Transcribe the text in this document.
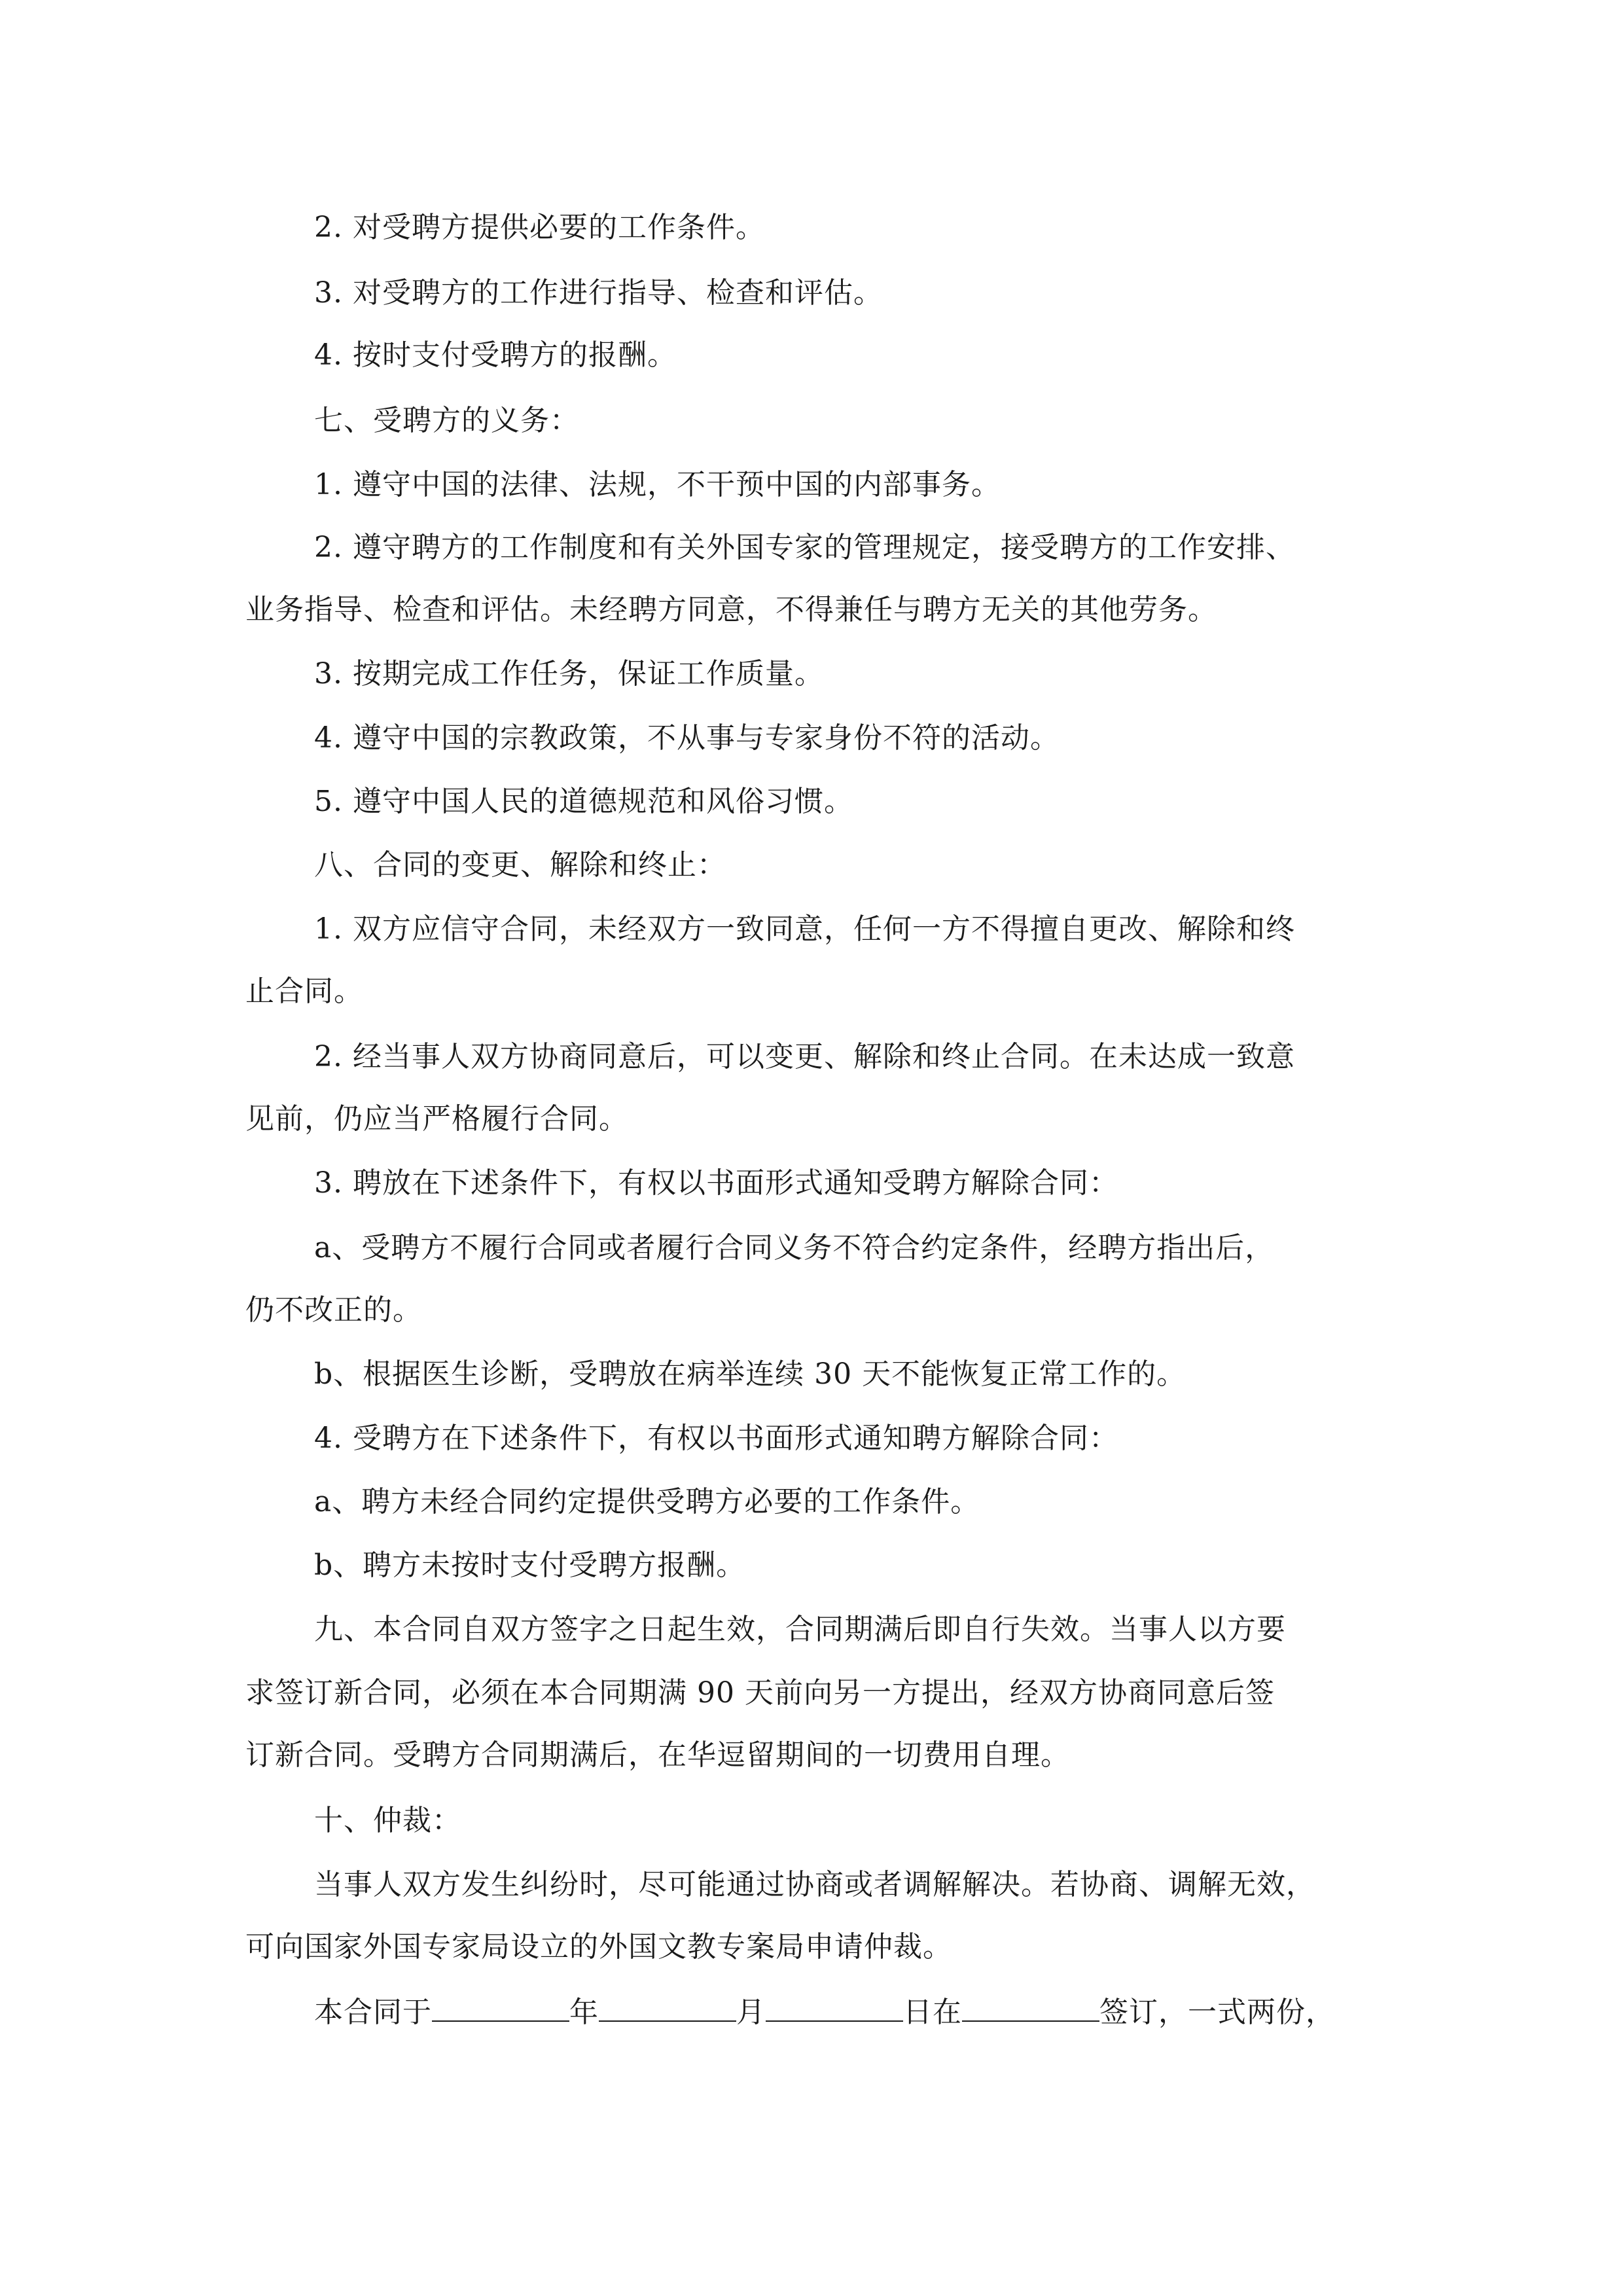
2. 对受聘方提供必要的工作条件。
3. 对受聘方的工作进行指导、检查和评估。
4. 按时支付受聘方的报酬。
七、受聘方的义务：
1. 遵守中国的法律、法规，不干预中国的内部事务。
2. 遵守聘方的工作制度和有关外国专家的管理规定，接受聘方的工作安排、
业务指导、检查和评估。未经聘方同意，不得兼任与聘方无关的其他劳务。
3. 按期完成工作任务，保证工作质量。
4. 遵守中国的宗教政策，不从事与专家身份不符的活动。
5. 遵守中国人民的道德规范和风俗习惯。
八、合同的变更、解除和终止：
1. 双方应信守合同，未经双方一致同意，任何一方不得擅自更改、解除和终
止合同。
2. 经当事人双方协商同意后，可以变更、解除和终止合同。在未达成一致意
见前，仍应当严格履行合同。
3. 聘放在下述条件下，有权以书面形式通知受聘方解除合同：
a、受聘方不履行合同或者履行合同义务不符合约定条件，经聘方指出后，
仍不改正的。
b、根据医生诊断，受聘放在病举连续 30 天不能恢复正常工作的。
4. 受聘方在下述条件下，有权以书面形式通知聘方解除合同：
a、聘方未经合同约定提供受聘方必要的工作条件。
b、聘方未按时支付受聘方报酬。
九、本合同自双方签字之日起生效，合同期满后即自行失效。当事人以方要
求签订新合同，必须在本合同期满 90 天前向另一方提出，经双方协商同意后签
订新合同。受聘方合同期满后，在华逗留期间的一切费用自理。
十、仲裁：
当事人双方发生纠纷时，尽可能通过协商或者调解解决。若协商、调解无效，
可向国家外国专家局设立的外国文教专案局申请仲裁。
本合同于	年	月	日在	签订，一式两份，
